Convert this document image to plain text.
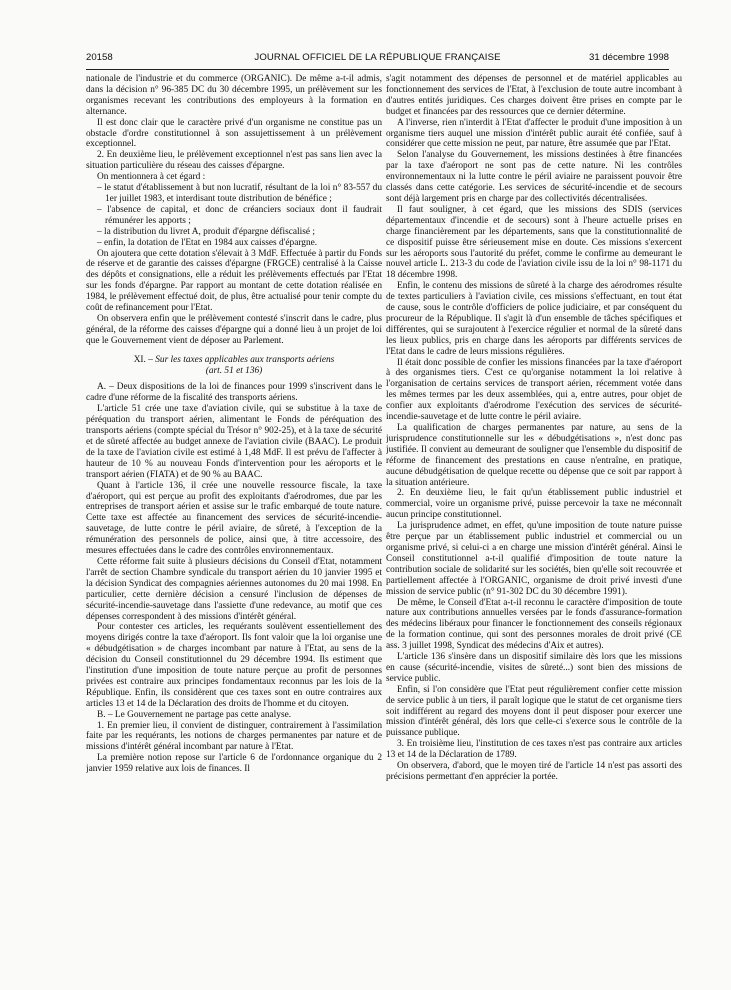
20158	JOURNAL OFFICIEL DE LA RÉPUBLIQUE FRANÇAISE	31 décembre 1998

nationale de l'industrie et du commerce (ORGANIC). De même a-t-il admis, dans la décision n° 96-385 DC du 30 décembre 1995, un prélèvement sur les organismes recevant les contributions des employeurs à la formation en alternance.

Il est donc clair que le caractère privé d'un organisme ne constitue pas un obstacle d'ordre constitutionnel à son assujettissement à un prélèvement exceptionnel.

2. En deuxième lieu, le prélèvement exceptionnel n'est pas sans lien avec la situation particulière du réseau des caisses d'épargne.

On mentionnera à cet égard :

– le statut d'établissement à but non lucratif, résultant de la loi n° 83-557 du 1er juillet 1983, et interdisant toute distribution de bénéfice ;

– l'absence de capital, et donc de créanciers sociaux dont il faudrait rémunérer les apports ;

– la distribution du livret A, produit d'épargne défiscalisé ;

– enfin, la dotation de l'Etat en 1984 aux caisses d'épargne.

On ajoutera que cette dotation s'élevait à 3 MdF. Effectuée à partir du Fonds de réserve et de garantie des caisses d'épargne (FRGCE) centralisé à la Caisse des dépôts et consignations, elle a réduit les prélèvements effectués par l'Etat sur les fonds d'épargne. Par rapport au montant de cette dotation réalisée en 1984, le prélèvement effectué doit, de plus, être actualisé pour tenir compte du coût de refinancement pour l'Etat.

On observera enfin que le prélèvement contesté s'inscrit dans le cadre, plus général, de la réforme des caisses d'épargne qui a donné lieu à un projet de loi que le Gouvernement vient de déposer au Parlement.

XI. – Sur les taxes applicables aux transports aériens
(art. 51 et 136)

A. – Deux dispositions de la loi de finances pour 1999 s'inscrivent dans le cadre d'une réforme de la fiscalité des transports aériens.

L'article 51 crée une taxe d'aviation civile, qui se substitue à la taxe de péréquation du transport aérien, alimentant le Fonds de péréquation des transports aériens (compte spécial du Trésor n° 902-25), et à la taxe de sécurité et de sûreté affectée au budget annexe de l'aviation civile (BAAC). Le produit de la taxe de l'aviation civile est estimé à 1,48 MdF. Il est prévu de l'affecter à hauteur de 10 % au nouveau Fonds d'intervention pour les aéroports et le transport aérien (FIATA) et de 90 % au BAAC.

Quant à l'article 136, il crée une nouvelle ressource fiscale, la taxe d'aéroport, qui est perçue au profit des exploitants d'aérodromes, due par les entreprises de transport aérien et assise sur le trafic embarqué de toute nature. Cette taxe est affectée au financement des services de sécurité-incendie-sauvetage, de lutte contre le péril aviaire, de sûreté, à l'exception de la rémunération des personnels de police, ainsi que, à titre accessoire, des mesures effectuées dans le cadre des contrôles environnementaux.

Cette réforme fait suite à plusieurs décisions du Conseil d'Etat, notamment l'arrêt de section Chambre syndicale du transport aérien du 10 janvier 1995 et la décision Syndicat des compagnies aériennes autonomes du 20 mai 1998. En particulier, cette dernière décision a censuré l'inclusion de dépenses de sécurité-incendie-sauvetage dans l'assiette d'une redevance, au motif que ces dépenses correspondent à des missions d'intérêt général.

Pour contester ces articles, les requérants soulèvent essentiellement des moyens dirigés contre la taxe d'aéroport. Ils font valoir que la loi organise une « débudgétisation » de charges incombant par nature à l'Etat, au sens de la décision du Conseil constitutionnel du 29 décembre 1994. Ils estiment que l'institution d'une imposition de toute nature perçue au profit de personnes privées est contraire aux principes fondamentaux reconnus par les lois de la République. Enfin, ils considèrent que ces taxes sont en outre contraires aux articles 13 et 14 de la Déclaration des droits de l'homme et du citoyen.

B. – Le Gouvernement ne partage pas cette analyse.

1. En premier lieu, il convient de distinguer, contrairement à l'assimilation faite par les requérants, les notions de charges permanentes par nature et de missions d'intérêt général incombant par nature à l'Etat.

La première notion repose sur l'article 6 de l'ordonnance organique du 2 janvier 1959 relative aux lois de finances. Il

s'agit notamment des dépenses de personnel et de matériel applicables au fonctionnement des services de l'Etat, à l'exclusion de toute autre incombant à d'autres entités juridiques. Ces charges doivent être prises en compte par le budget et financées par des ressources que ce dernier détermine.

A l'inverse, rien n'interdit à l'Etat d'affecter le produit d'une imposition à un organisme tiers auquel une mission d'intérêt public aurait été confiée, sauf à considérer que cette mission ne peut, par nature, être assumée que par l'Etat.

Selon l'analyse du Gouvernement, les missions destinées à être financées par la taxe d'aéroport ne sont pas de cette nature. Ni les contrôles environnementaux ni la lutte contre le péril aviaire ne paraissent pouvoir être classés dans cette catégorie. Les services de sécurité-incendie et de secours sont déjà largement pris en charge par des collectivités décentralisées.

Il faut souligner, à cet égard, que les missions des SDIS (services départementaux d'incendie et de secours) sont à l'heure actuelle prises en charge financièrement par les départements, sans que la constitutionnalité de ce dispositif puisse être sérieusement mise en doute. Ces missions s'exercent sur les aéroports sous l'autorité du préfet, comme le confirme au demeurant le nouvel article L. 213-3 du code de l'aviation civile issu de la loi n° 98-1171 du 18 décembre 1998.

Enfin, le contenu des missions de sûreté à la charge des aérodromes résulte de textes particuliers à l'aviation civile, ces missions s'effectuant, en tout état de cause, sous le contrôle d'officiers de police judiciaire, et par conséquent du procureur de la République. Il s'agit là d'un ensemble de tâches spécifiques et différentes, qui se surajoutent à l'exercice régulier et normal de la sûreté dans les lieux publics, pris en charge dans les aéroports par différents services de l'Etat dans le cadre de leurs missions régulières.

Il était donc possible de confier les missions financées par la taxe d'aéroport à des organismes tiers. C'est ce qu'organise notamment la loi relative à l'organisation de certains services de transport aérien, récemment votée dans les mêmes termes par les deux assemblées, qui a, entre autres, pour objet de confier aux exploitants d'aérodrome l'exécution des services de sécurité-incendie-sauvetage et de lutte contre le péril aviaire.

La qualification de charges permanentes par nature, au sens de la jurisprudence constitutionnelle sur les « débudgétisations », n'est donc pas justifiée. Il convient au demeurant de souligner que l'ensemble du dispositif de réforme de financement des prestations en cause n'entraîne, en pratique, aucune débudgétisation de quelque recette ou dépense que ce soit par rapport à la situation antérieure.

2. En deuxième lieu, le fait qu'un établissement public industriel et commercial, voire un organisme privé, puisse percevoir la taxe ne méconnaît aucun principe constitutionnel.

La jurisprudence admet, en effet, qu'une imposition de toute nature puisse être perçue par un établissement public industriel et commercial ou un organisme privé, si celui-ci a en charge une mission d'intérêt général. Ainsi le Conseil constitutionnel a-t-il qualifié d'imposition de toute nature la contribution sociale de solidarité sur les sociétés, bien qu'elle soit recouvrée et partiellement affectée à l'ORGANIC, organisme de droit privé investi d'une mission de service public (n° 91-302 DC du 30 décembre 1991).

De même, le Conseil d'Etat a-t-il reconnu le caractère d'imposition de toute nature aux contributions annuelles versées par le fonds d'assurance-formation des médecins libéraux pour financer le fonctionnement des conseils régionaux de la formation continue, qui sont des personnes morales de droit privé (CE ass. 3 juillet 1998, Syndicat des médecins d'Aix et autres).

L'article 136 s'insère dans un dispositif similaire dès lors que les missions en cause (sécurité-incendie, visites de sûreté...) sont bien des missions de service public.

Enfin, si l'on considère que l'Etat peut régulièrement confier cette mission de service public à un tiers, il paraît logique que le statut de cet organisme tiers soit indifférent au regard des moyens dont il peut disposer pour exercer une mission d'intérêt général, dès lors que celle-ci s'exerce sous le contrôle de la puissance publique.

3. En troisième lieu, l'institution de ces taxes n'est pas contraire aux articles 13 et 14 de la Déclaration de 1789.

On observera, d'abord, que le moyen tiré de l'article 14 n'est pas assorti des précisions permettant d'en apprécier la portée.
